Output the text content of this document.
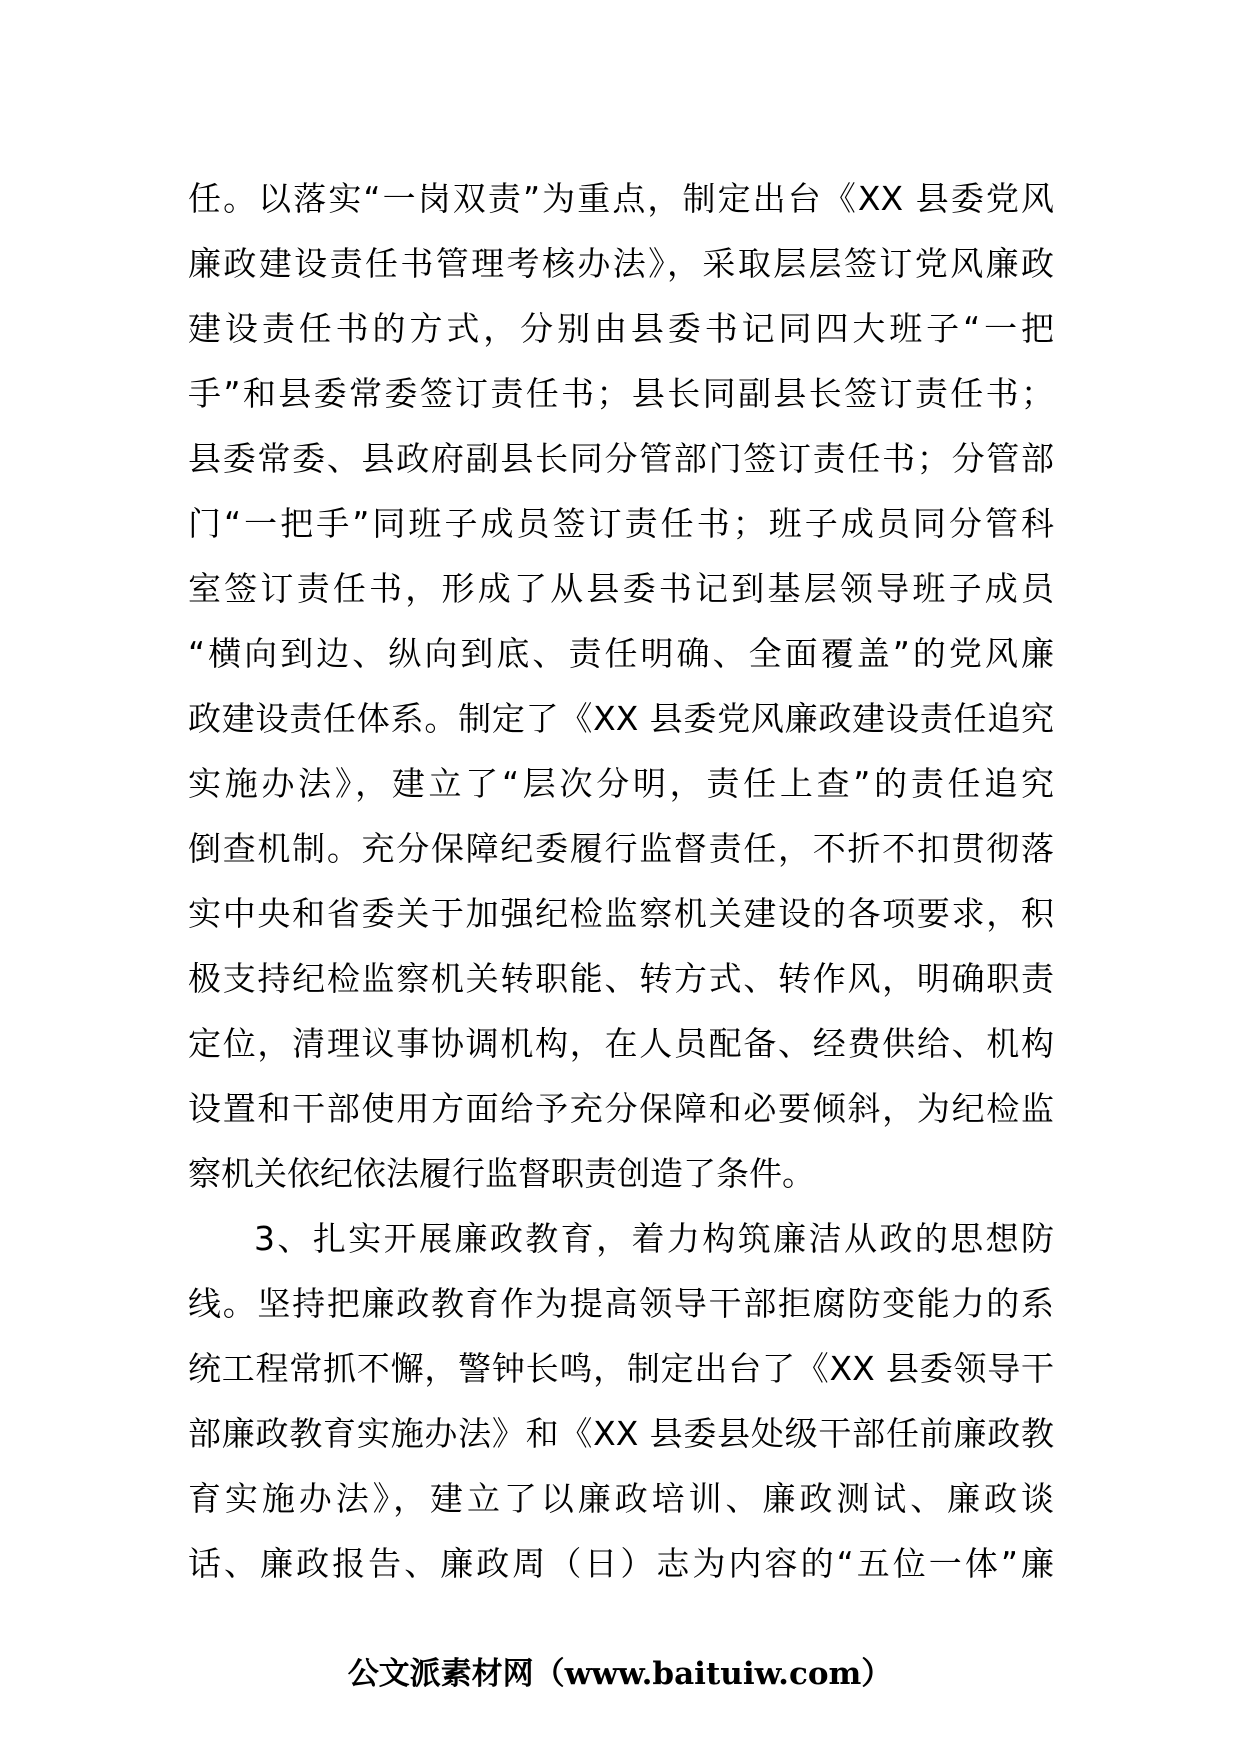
任。以落实“一岗双责”为重点，制定出台《XX 县委党风
廉政建设责任书管理考核办法》，采取层层签订党风廉政
建设责任书的方式，分别由县委书记同四大班子“一把
手”和县委常委签订责任书；县长同副县长签订责任书；
县委常委、县政府副县长同分管部门签订责任书；分管部
门“一把手”同班子成员签订责任书；班子成员同分管科
室签订责任书，形成了从县委书记到基层领导班子成员
“横向到边、纵向到底、责任明确、全面覆盖”的党风廉
政建设责任体系。制定了《XX 县委党风廉政建设责任追究
实施办法》，建立了“层次分明，责任上查”的责任追究
倒查机制。充分保障纪委履行监督责任，不折不扣贯彻落
实中央和省委关于加强纪检监察机关建设的各项要求，积
极支持纪检监察机关转职能、转方式、转作风，明确职责
定位，清理议事协调机构，在人员配备、经费供给、机构
设置和干部使用方面给予充分保障和必要倾斜，为纪检监
察机关依纪依法履行监督职责创造了条件。
3、扎实开展廉政教育，着力构筑廉洁从政的思想防
线。坚持把廉政教育作为提高领导干部拒腐防变能力的系
统工程常抓不懈，警钟长鸣，制定出台了《XX 县委领导干
部廉政教育实施办法》和《XX 县委县处级干部任前廉政教
育实施办法》，建立了以廉政培训、廉政测试、廉政谈
话、廉政报告、廉政周（日）志为内容的“五位一体”廉
公文派素材网（www.baituiw.com）
